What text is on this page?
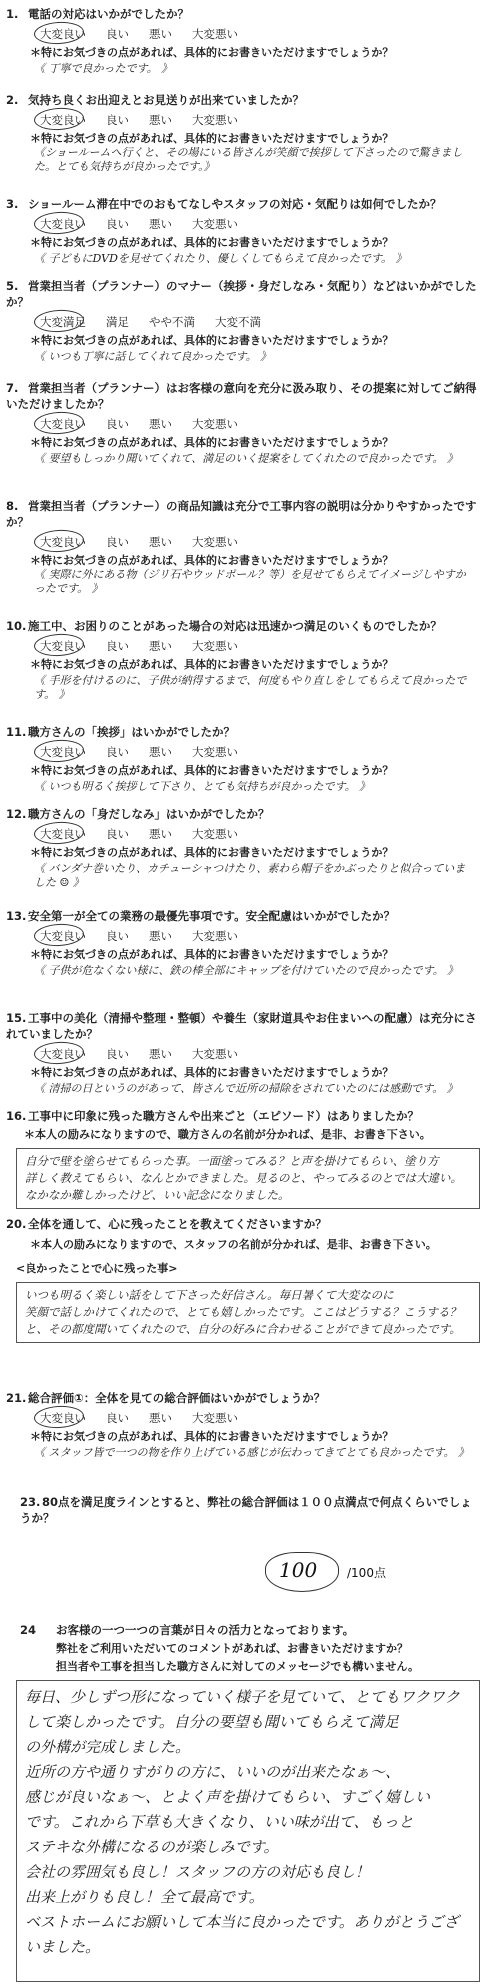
1. 電話の対応はいかがでしたか？
大変良い 良い 悪い 大変悪い
＊特にお気づきの点があれば、具体的にお書きいただけますでしょうか？
《 丁寧で良かったです。 》
2. 気持ち良くお出迎えとお見送りが出来ていましたか？
大変良い 良い 悪い 大変悪い
＊特にお気づきの点があれば、具体的にお書きいただけますでしょうか？
《ショールームへ行くと、その場にいる皆さんが笑顔で挨拶して下さったので驚きました。とても気持ちが良かったです。》
3. ショールーム滞在中でのおもてなしやスタッフの対応・気配りは如何でしたか？
大変良い 良い 悪い 大変悪い
＊特にお気づきの点があれば、具体的にお書きいただけますでしょうか？
《 子どもにDVDを見せてくれたり、優しくしてもらえて良かったです。 》
5. 営業担当者（プランナー）のマナー（挨拶・身だしなみ・気配り）などはいかがでしたか？
大変満足 満足 やや不満 大変不満
＊特にお気づきの点があれば、具体的にお書きいただけますでしょうか？
《 いつも丁寧に話してくれて良かったです。 》
7. 営業担当者（プランナー）はお客様の意向を充分に汲み取り、その提案に対してご納得いただけましたか？
大変良い 良い 悪い 大変悪い
＊特にお気づきの点があれば、具体的にお書きいただけますでしょうか？
《 要望もしっかり聞いてくれて、満足のいく提案をしてくれたので良かったです。 》
8. 営業担当者（プランナー）の商品知識は充分で工事内容の説明は分かりやすかったですか？
大変良い 良い 悪い 大変悪い
＊特にお気づきの点があれば、具体的にお書きいただけますでしょうか？
《 実際に外にある物（ジリ石やウッドポール？等）を見せてもらえてイメージしやすかったです。 》
10. 施工中、お困りのことがあった場合の対応は迅速かつ満足のいくものでしたか？
大変良い 良い 悪い 大変悪い
＊特にお気づきの点があれば、具体的にお書きいただけますでしょうか？
《 手形を付けるのに、子供が納得するまで、何度もやり直しをしてもらえて良かったです。 》
11. 職方さんの「挨拶」はいかがでしたか？
大変良い 良い 悪い 大変悪い
＊特にお気づきの点があれば、具体的にお書きいただけますでしょうか？
《 いつも明るく挨拶して下さり、とても気持ちが良かったです。 》
12. 職方さんの「身だしなみ」はいかがでしたか？
大変良い 良い 悪い 大変悪い
＊特にお気づきの点があれば、具体的にお書きいただけますでしょうか？
《 バンダナ巻いたり、カチューシャつけたり、素わら帽子をかぶったりと似合っていました ☺ 》
13. 安全第一が全ての業務の最優先事項です。安全配慮はいかがでしたか？
大変良い 良い 悪い 大変悪い
＊特にお気づきの点があれば、具体的にお書きいただけますでしょうか？
《 子供が危なくない様に、鉄の棒全部にキャップを付けていたので良かったです。 》
15. 工事中の美化（清掃や整理・整頓）や養生（家財道具やお住まいへの配慮）は充分にされていましたか？
大変良い 良い 悪い 大変悪い
＊特にお気づきの点があれば、具体的にお書きいただけますでしょうか？
《 清掃の日というのがあって、皆さんで近所の掃除をされていたのには感動です。 》
16. 工事中に印象に残った職方さんや出来ごと（エピソード）はありましたか？
＊本人の励みになりますので、職方さんの名前が分かれば、是非、お書き下さい。
自分で壁を塗らせてもらった事。一面塗ってみる？と声を掛けてもらい、塗り方
詳しく教えてもらい、なんとかできました。見るのと、やってみるのとでは大違い。
なかなか難しかったけど、いい記念になりました。
20. 全体を通して、心に残ったことを教えてくださいますか？
＊本人の励みになりますので、スタッフの名前が分かれば、是非、お書き下さい。
<良かったことで心に残った事>
いつも明るく楽しい話をして下さった好信さん。毎日暑くて大変なのに
笑顔で話しかけてくれたので、とても嬉しかったです。ここはどうする？こうする？
と、その都度聞いてくれたので、自分の好みに合わせることができて良かったです。
21. 総合評価①：全体を見ての総合評価はいかがでしょうか？
大変良い 良い 悪い 大変悪い
＊特にお気づきの点があれば、具体的にお書きいただけますでしょうか？
《 スタッフ皆で一つの物を作り上げている感じが伝わってきてとても良かったです。 》
23. 80点を満足度ラインとすると、弊社の総合評価は１００点満点で何点くらいでしょうか？
100 /100点
24 お客様の一つ一つの言葉が日々の活力となっております。
弊社をご利用いただいてのコメントがあれば、お書きいただけますか？
担当者や工事を担当した職方さんに対してのメッセージでも構いません。
毎日、少しずつ形になっていく様子を見ていて、とてもワクワク
して楽しかったです。自分の要望も聞いてもらえて満足
の外構が完成しました。
近所の方や通りすがりの方に、いいのが出来たなぁ〜、
感じが良いなぁ〜、とよく声を掛けてもらい、すごく嬉しい
です。これから下草も大きくなり、いい味が出て、もっと
ステキな外構になるのが楽しみです。
会社の雰囲気も良し！スタッフの方の対応も良し！
出来上がりも良し！全て最高です。
ベストホームにお願いして本当に良かったです。ありがとうございました。
